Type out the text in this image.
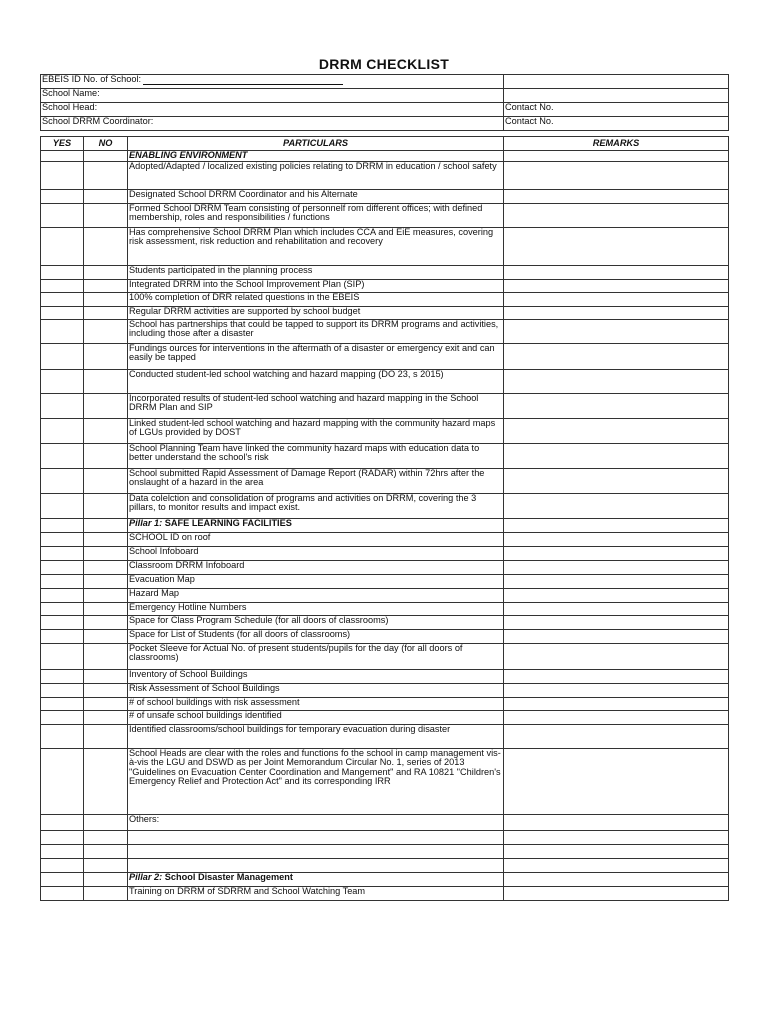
DRRM CHECKLIST
EBEIS ID No. of School:	
School Name:	
School Head:	Contact No.
School DRRM Coordinator:	Contact No.
YES	NO	PARTICULARS	REMARKS
		ENABLING ENVIRONMENT	
		Adopted/Adapted / localized existing policies relating to DRRM in education / school safety	
		Designated School DRRM Coordinator and his Alternate	
		Formed School DRRM Team consisting of personnelf rom different offices; with defined membership, roles and responsibilities / functions	
		Has comprehensive School DRRM Plan which includes CCA and EiE measures, covering risk assessment, risk reduction and rehabilitation and recovery	
		Students participated in the planning process	
		Integrated DRRM into the School Improvement Plan (SIP)	
		100% completion of DRR related questions in the EBEIS	
		Regular DRRM activities are supported by school budget	
		School has partnerships that could be tapped to support its DRRM programs and activities, including those after a disaster	
		Fundings ources for interventions in the aftermath of a disaster or emergency exit and can easily be tapped	
		Conducted student-led school watching and hazard mapping (DO 23, s 2015)	
		Incorporated results of student-led school watching and hazard mapping in the School DRRM Plan and SIP	
		Linked student-led school watching and hazard mapping with the community hazard maps of LGUs provided by DOST	
		School Planning Team have linked the community hazard maps with education data to better understand the school's risk	
		School submitted Rapid Assessment of Damage Report (RADAR) within 72hrs after the onslaught of a hazard in the area	
		Data colelction and consolidation of programs and activities on DRRM, covering the 3 pillars, to monitor results and impact exist.	
		Pillar 1: SAFE LEARNING FACILITIES	
		SCHOOL ID on roof	
		School Infoboard	
		Classroom DRRM Infoboard	
		Evacuation Map	
		Hazard Map	
		Emergency Hotline Numbers	
		Space for Class Program Schedule (for all doors of classrooms)	
		Space for List of Students (for all doors of classrooms)	
		Pocket Sleeve for Actual No. of present students/pupils for the day (for all doors of classrooms)	
		Inventory of School Buildings	
		Risk Assessment of School Buildings	
		# of school buildings with risk assessment	
		# of unsafe school buildings identified	
		Identified classrooms/school buildings for temporary evacuation during disaster	
		School Heads are clear with the roles and functions fo the school in camp management vis-à-vis the LGU and DSWD as per Joint Memorandum Circular No. 1, series of 2013 "Guidelines on Evacuation Center Coordination and Mangement" and RA 10821 "Children's Emergency Relief and Protection Act" and its corresponding IRR	
		Others:	

		Pillar 2: School Disaster Management	
		Training on DRRM of SDRRM and School Watching Team	
